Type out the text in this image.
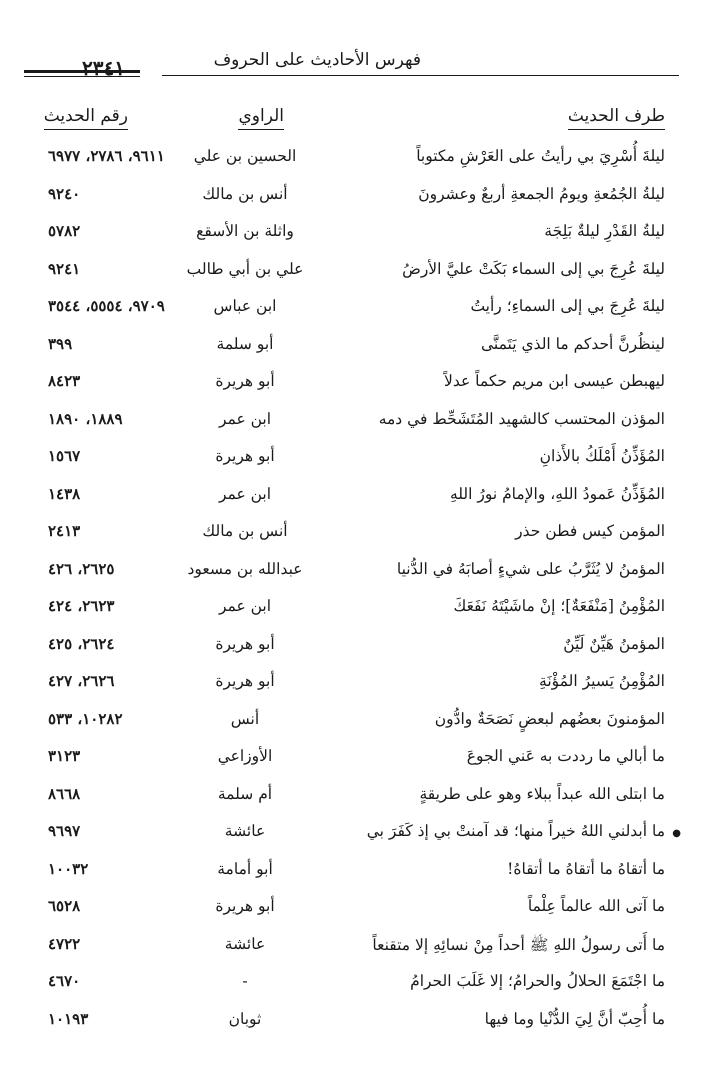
فهرس الأحاديث على الحروف
٢٣٤١
طرف الحديث
الراوي
رقم الحديث
ليلةَ أُسْرِيَ بي رأيتُ على العَرْشِ مكتوباً
الحسين بن علي
٩٦١١، ٢٧٨٦، ٦٩٧٧
ليلةُ الجُمُعةِ ويومُ الجمعةِ أربعٌ وعشرونَ
أنس بن مالك
٩٢٤٠
ليلةُ القَدْرِ ليلةٌ بَلِجَة
واثلة بن الأسقع
٥٧٨٢
ليلةَ عُرِجَ بي إلى السماء بَكَتْ عليَّ الأرضُ
علي بن أبي طالب
٩٢٤١
ليلةَ عُرِجَ بي إلى السماءِ؛ رأيتُ
ابن عباس
٩٧٠٩، ٥٥٥٤، ٣٥٤٤
لينظُرنَّ أحدكم ما الذي يَتَمنَّى
أبو سلمة
٣٩٩
ليهبطن عيسى ابن مريم حكماً عدلاً
أبو هريرة
٨٤٢٣
المؤذن المحتسب كالشهيد المُتَشَحِّط في دمه
ابن عمر
١٨٨٩، ١٨٩٠
المُؤَذِّنُ أَمْلَكُ بالأَذانِ
أبو هريرة
١٥٦٧
المُؤَذِّنُ عَمودُ اللهِ، والإمامُ نورُ اللهِ
ابن عمر
١٤٣٨
المؤمن كيس فطن حذر
أنس بن مالك
٢٤١٣
المؤمنُ لا يُثَرَّبُ على شيءٍ أصابَهُ في الدُّنيا
عبدالله بن مسعود
٢٦٢٥، ٤٢٦
المُؤْمِنُ [مَنْفَعَةٌ]؛ إنْ ماشَيْتَهُ نَفَعَكَ
ابن عمر
٢٦٢٣، ٤٢٤
المؤمنُ هَيِّنٌ لَيِّنٌ
أبو هريرة
٢٦٢٤، ٤٢٥
المُؤْمِنُ يَسيرُ المُؤْنَةِ
أبو هريرة
٢٦٢٦، ٤٢٧
المؤمنونَ بعضُهم لبعضٍ نَصَحَةٌ وادُّون
أنس
١٠٢٨٢، ٥٣٣
ما أبالي ما رددت به عَني الجوعَ
الأوزاعي
٣١٢٣
ما ابتلى الله عبداً ببلاء وهو على طريقةٍ
أم سلمة
٨٦٦٨
ما أبدلني اللهُ خيراً منها؛ قد آمنتْ بي إذ كَفَرَ بي
عائشة
٩٦٩٧
ما أتقاهُ ما أتقاهُ ما أتقاهُ!
أبو أمامة
١٠٠٣٢
ما آتى الله عالماً عِلْماً
أبو هريرة
٦٥٢٨
ما أَتى رسولُ اللهِ ﷺ أحداً مِنْ نسائِهِ إلا متقنعاً
عائشة
٤٧٢٢
ما اجْتَمَعَ الحلالُ والحرامُ؛ إلا غَلَبَ الحرامُ
-
٤٦٧٠
ما أُحِبّ أنَّ لِيَ الدُّنْيا وما فيها
ثوبان
١٠١٩٣
●
